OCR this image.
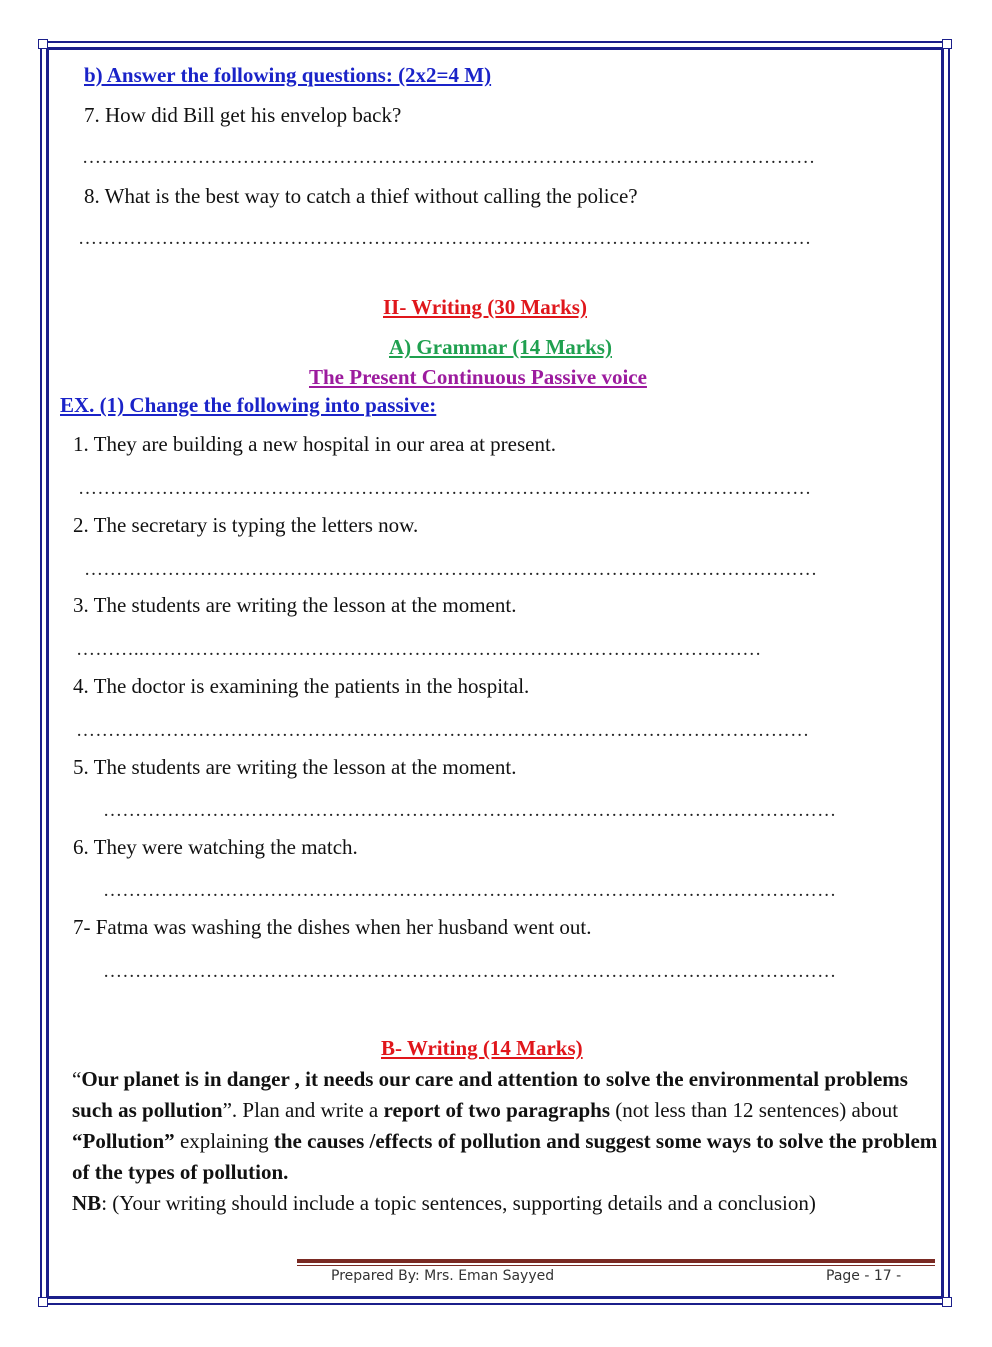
b) Answer the following questions: (2x2=4 M)
7. How did Bill get his envelop back?
……………………………………………………………………………………………………
8. What is the best way to catch a thief without calling the police?
……………………………………………………………………………………………………
II- Writing (30 Marks)
A) Grammar (14 Marks)
The Present Continuous Passive voice
EX. (1) Change the following into passive:
1. They are building a new hospital in our area at present.
……………………………………………………………………………………………………
2. The secretary is typing the letters now.
……………………………………………………………………………………………………
3. The students are writing the lesson at the moment.
………..……………………………………………………………………………………
4. The doctor is examining the patients in the hospital.
……………………………………………………………………………………………………
5. The students are writing the lesson at the moment.
……………………………………………………………………………………………………
6. They were watching the match.
……………………………………………………………………………………………………
7- Fatma was washing the dishes when her husband went out.
……………………………………………………………………………………………………
B- Writing (14 Marks)
“Our planet is in danger , it needs our care and attention to solve the environmental problems such as pollution”. Plan and write a report of two paragraphs (not less than 12 sentences) about “Pollution” explaining the causes /effects of pollution and suggest some ways to solve the problem of the types of pollution.
NB: (Your writing should include a topic sentences, supporting details and a conclusion)
Prepared By: Mrs. Eman Sayyed	Page - 17 -
